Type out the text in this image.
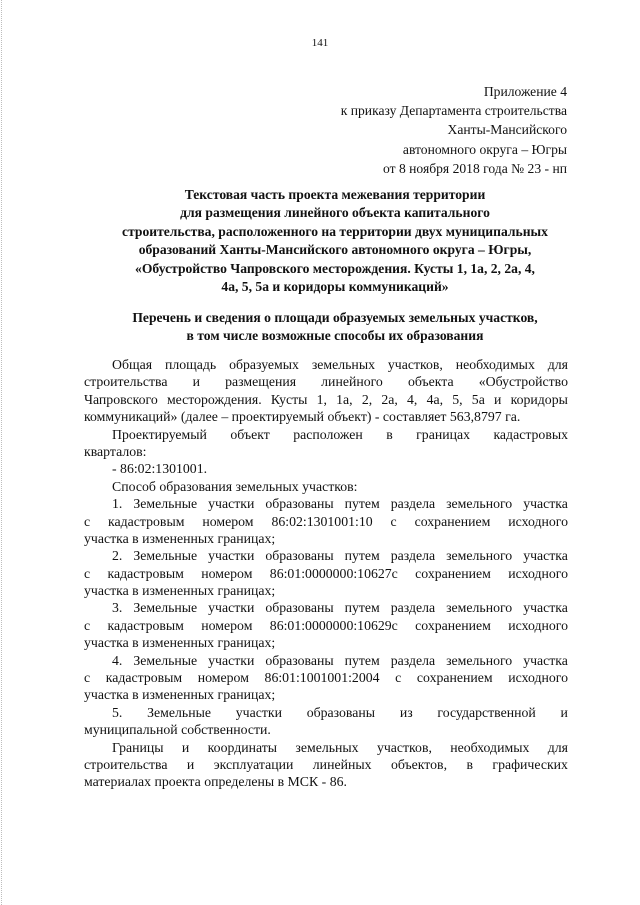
141
Приложение 4
к приказу Департамента строительства
Ханты-Мансийского
автономного округа – Югры
от 8 ноября 2018 года № 23 - нп
Текстовая часть проекта межевания территории
для размещения линейного объекта капитального
строительства, расположенного на территории двух муниципальных
образований Ханты-Мансийского автономного округа – Югры,
«Обустройство Чапровского месторождения. Кусты 1, 1а, 2, 2а, 4,
4а, 5, 5а и коридоры коммуникаций»
Перечень и сведения о площади образуемых земельных участков,
в том числе возможные способы их образования
Общая площадь образуемых земельных участков, необходимых для
строительства и размещения линейного объекта «Обустройство
Чапровского месторождения. Кусты 1, 1а, 2, 2а, 4, 4а, 5, 5а и коридоры
коммуникаций» (далее – проектируемый объект) - составляет 563,8797 га.
Проектируемый объект расположен в границах кадастровых
кварталов:
- 86:02:1301001.
Способ образования земельных участков:
1. Земельные участки образованы путем раздела земельного участка
с кадастровым номером 86:02:1301001:10 с сохранением исходного
участка в измененных границах;
2. Земельные участки образованы путем раздела земельного участка
с кадастровым номером 86:01:0000000:10627с сохранением исходного
участка в измененных границах;
3. Земельные участки образованы путем раздела земельного участка
с кадастровым номером 86:01:0000000:10629с сохранением исходного
участка в измененных границах;
4. Земельные участки образованы путем раздела земельного участка
с кадастровым номером 86:01:1001001:2004 с сохранением исходного
участка в измененных границах;
5. Земельные участки образованы из государственной и
муниципальной собственности.
Границы и координаты земельных участков, необходимых для
строительства и эксплуатации линейных объектов, в графических
материалах проекта определены в МСК - 86.
